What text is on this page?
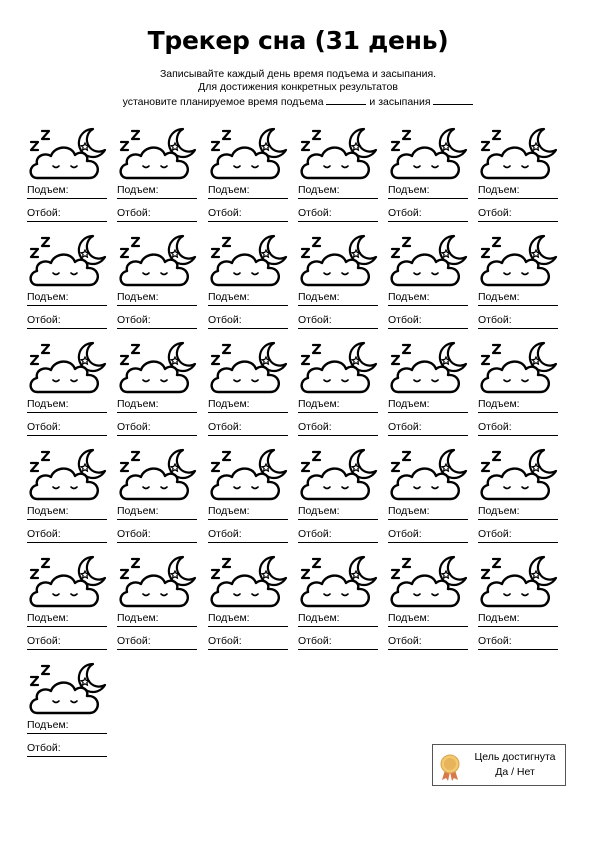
Трекер сна (31 день)
Записывайте каждый день время подъема и засыпания.
Для достижения конкретных результатов
установите планируемое время подъема	и засыпания
Подъем:
Отбой:
Подъем:
Отбой:
Подъем:
Отбой:
Подъем:
Отбой:
Подъем:
Отбой:
Подъем:
Отбой:
Подъем:
Отбой:
Подъем:
Отбой:
Подъем:
Отбой:
Подъем:
Отбой:
Подъем:
Отбой:
Подъем:
Отбой:
Подъем:
Отбой:
Подъем:
Отбой:
Подъем:
Отбой:
Подъем:
Отбой:
Подъем:
Отбой:
Подъем:
Отбой:
Подъем:
Отбой:
Подъем:
Отбой:
Подъем:
Отбой:
Подъем:
Отбой:
Подъем:
Отбой:
Подъем:
Отбой:
Подъем:
Отбой:
Подъем:
Отбой:
Подъем:
Отбой:
Подъем:
Отбой:
Подъем:
Отбой:
Подъем:
Отбой:
Подъем:
Отбой:
Цель достигнута
Да / Нет
